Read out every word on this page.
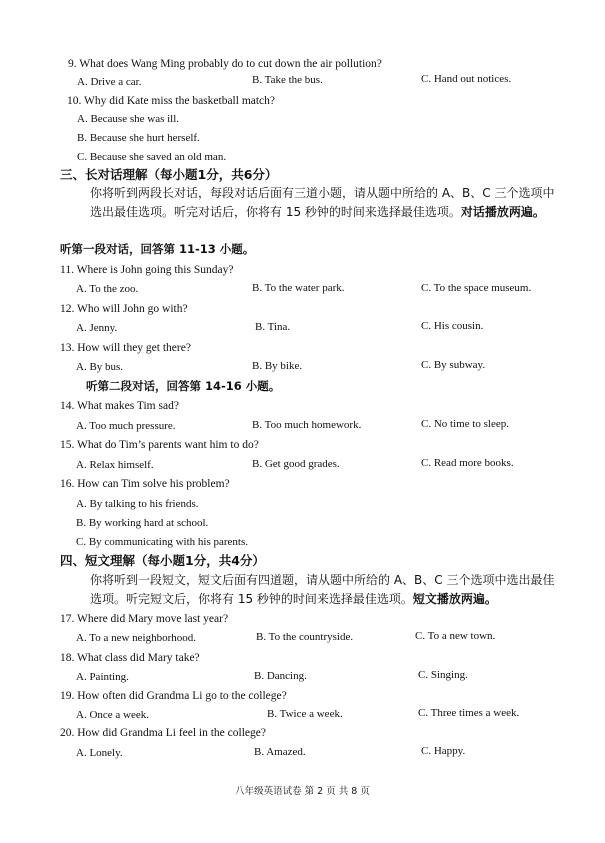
9. What does Wang Ming probably do to cut down the air pollution?
A. Drive a car.	B. Take the bus.	C. Hand out notices.
10. Why did Kate miss the basketball match?
A. Because she was ill.
B. Because she hurt herself.
C. Because she saved an old man.
三、长对话理解（每小题1分，共6分）
你将听到两段长对话，每段对话后面有三道小题，请从题中所给的 A、B、C 三个选项中选出最佳选项。听完对话后，你将有 15 秒钟的时间来选择最佳选项。对话播放两遍。
听第一段对话，回答第 11-13 小题。
11. Where is John going this Sunday?
A. To the zoo.	B. To the water park.	C. To the space museum.
12. Who will John go with?
A. Jenny.	B. Tina.	C. His cousin.
13. How will they get there?
A. By bus.	B. By bike.	C. By subway.
听第二段对话，回答第 14-16 小题。
14. What makes Tim sad?
A. Too much pressure.	B. Too much homework.	C. No time to sleep.
15. What do Tim’s parents want him to do?
A. Relax himself.	B. Get good grades.	C. Read more books.
16. How can Tim solve his problem?
A. By talking to his friends.
B. By working hard at school.
C. By communicating with his parents.
四、短文理解（每小题1分，共4分）
你将听到一段短文，短文后面有四道题，请从题中所给的 A、B、C 三个选项中选出最佳选项。听完短文后，你将有 15 秒钟的时间来选择最佳选项。短文播放两遍。
17. Where did Mary move last year?
A. To a new neighborhood.	B. To the countryside.	C. To a new town.
18. What class did Mary take?
A. Painting.	B. Dancing.	C. Singing.
19. How often did Grandma Li go to the college?
A. Once a week.	B. Twice a week.	C. Three times a week.
20. How did Grandma Li feel in the college?
A. Lonely.	B. Amazed.	C. Happy.
八年级英语试卷 第 2 页 共 8 页
